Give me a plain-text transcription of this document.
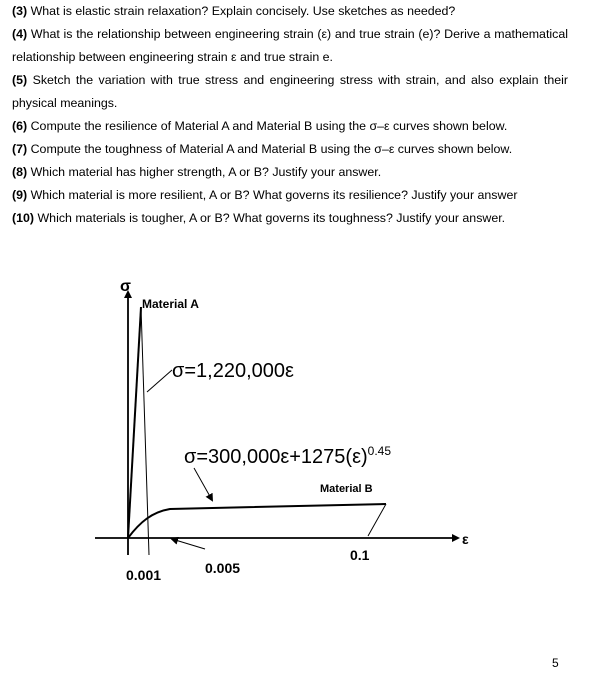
(3) What is elastic strain relaxation? Explain concisely. Use sketches as needed?

(4) What is the relationship between engineering strain (ε) and true strain (e)? Derive a mathematical relationship between engineering strain ε and true strain e.

(5) Sketch the variation with true stress and engineering stress with strain, and also explain their physical meanings.

(6) Compute the resilience of Material A and Material B using the σ–ε curves shown below.

(7) Compute the toughness of Material A and Material B using the σ–ε curves shown below.

(8) Which material has higher strength, A or B? Justify your answer.

(9) Which material is more resilient, A or B? What governs its resilience? Justify your answer

(10) Which materials is tougher, A or B? What governs its toughness? Justify your answer.

σ
ε
Material A
Material B
σ=1,220,000ε
$\sigma=300,000\varepsilon+1275(\varepsilon)^{0.45}$
0.001	0.005
0.1
5
